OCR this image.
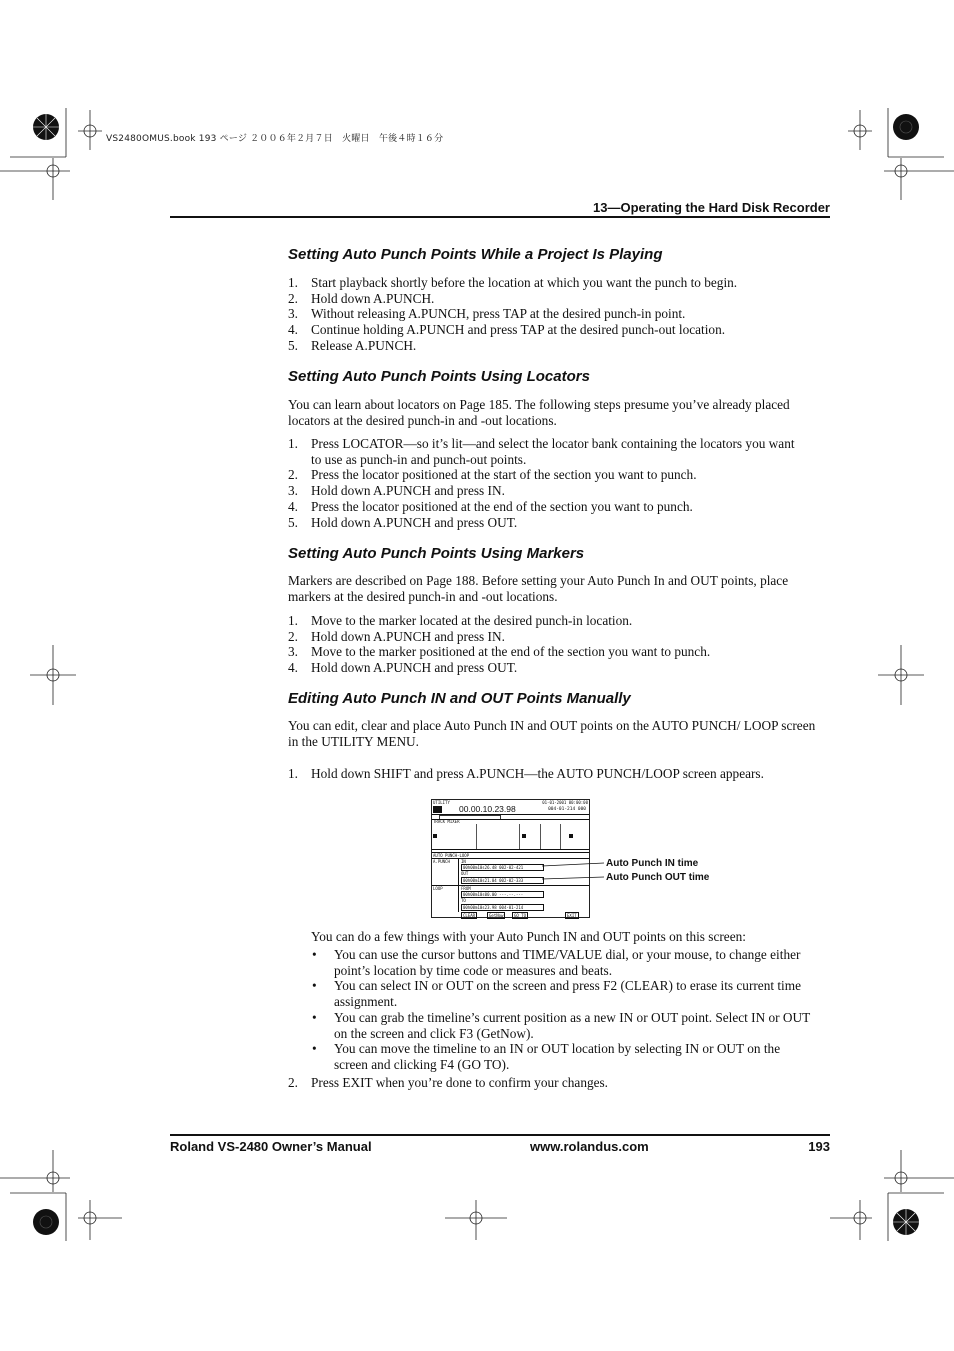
VS2480OMUS.book 193 ページ ２００６年２月７日　火曜日　午後４時１６分
13—Operating the Hard Disk Recorder
Setting Auto Punch Points While a Project Is Playing
1. Start playback shortly before the location at which you want the punch to begin.
2. Hold down A.PUNCH.
3. Without releasing A.PUNCH, press TAP at the desired punch-in point.
4. Continue holding A.PUNCH and press TAP at the desired punch-out location.
5. Release A.PUNCH.
Setting Auto Punch Points Using Locators

You can learn about locators on Page 185. The following steps presume you’ve already placed locators at the desired punch-in and -out locations.

1. Press LOCATOR—so it’s lit—and select the locator bank containing the locators you want to use as punch-in and punch-out points.
2. Press the locator positioned at the start of the section you want to punch.
3. Hold down A.PUNCH and press IN.
4. Press the locator positioned at the end of the section you want to punch.
5. Hold down A.PUNCH and press OUT.
Setting Auto Punch Points Using Markers

Markers are described on Page 188. Before setting your Auto Punch In and OUT points, place markers at the desired punch-in and -out locations.

1. Move to the marker located at the desired punch-in location.
2. Hold down A.PUNCH and press IN.
3. Move to the marker positioned at the end of the section you want to punch.
4. Hold down A.PUNCH and press OUT.
Editing Auto Punch IN and OUT Points Manually

You can edit, clear and place Auto Punch IN and OUT points on the AUTO PUNCH/ LOOP screen in the UTILITY MENU.

1. Hold down SHIFT and press A.PUNCH—the AUTO PUNCH/LOOP screen appears.
UTILITY	01-01-2001 00:00:00
00.00.10.23.98	004-01-214 000
TRACK MIXER
AUTO PUNCH-LOOP
A.PUNCH	IN
00h00m10s26.48 002-02-421
OUT
00h00m10s21.04 002-02-333
LOOP	FROM
00h00m10s00.00 ---.--.---
TO
00h00m10s23.98 004-01-214
CLEAR	GetNow	GO TO	EXIT
Auto Punch IN time
Auto Punch OUT time

You can do a few things with your Auto Punch IN and OUT points on this screen:

• You can use the cursor buttons and TIME/VALUE dial, or your mouse, to change either point’s location by time code or measures and beats.
• You can select IN or OUT on the screen and press F2 (CLEAR) to erase its current time assignment.
• You can grab the timeline’s current position as a new IN or OUT point. Select IN or OUT on the screen and click F3 (GetNow).
• You can move the timeline to an IN or OUT location by selecting IN or OUT on the screen and clicking F4 (GO TO).
2. Press EXIT when you’re done to confirm your changes.
Roland VS-2480 Owner’s Manual	www.rolandus.com	193
